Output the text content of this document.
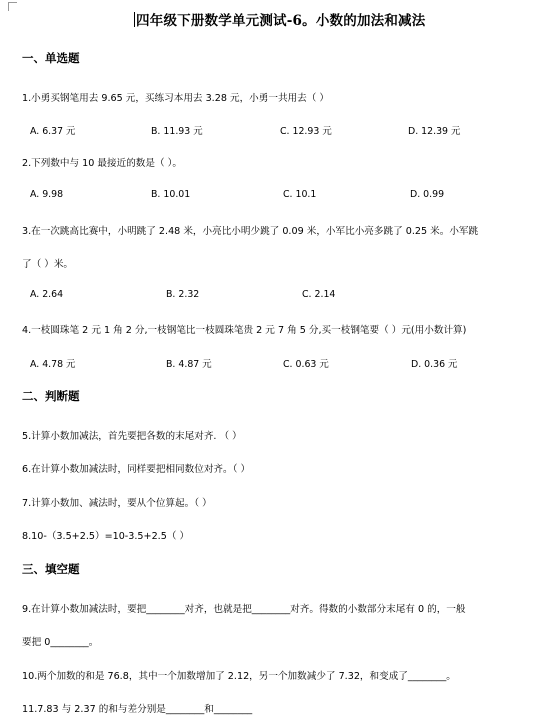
四年级下册数学单元测试-6。小数的加法和减法
一、单选题
1.小勇买钢笔用去 9.65 元，买练习本用去 3.28 元，小勇一共用去（ ）
A. 6.37 元	B. 11.93 元	C. 12.93 元	D. 12.39 元
2.下列数中与 10 最接近的数是（ ）。
A. 9.98	B. 10.01	C. 10.1	D. 0.99
3.在一次跳高比赛中，小明跳了 2.48 米，小亮比小明少跳了 0.09 米，小军比小亮多跳了 0.25 米。小军跳
了（ ）米。
A. 2.64	B. 2.32	C. 2.14
4.一枝圆珠笔 2 元 1 角 2 分,一枝钢笔比一枝圆珠笔贵 2 元 7 角 5 分,买一枝钢笔要（ ）元(用小数计算)
A. 4.78 元	B. 4.87 元	C. 0.63 元	D. 0.36 元
二、判断题
5.计算小数加减法，首先要把各数的末尾对齐. （ ）
6.在计算小数加减法时，同样要把相同数位对齐。（ ）
7.计算小数加、减法时，要从个位算起。（ ）
8.10-（3.5+2.5）=10-3.5+2.5（ ）
三、填空题
9.在计算小数加减法时，要把________对齐，也就是把________对齐。得数的小数部分末尾有 0 的，一般
要把 0________。
10.两个加数的和是 76.8，其中一个加数增加了 2.12，另一个加数减少了 7.32，和变成了________。
11.7.83 与 2.37 的和与差分别是________和________
